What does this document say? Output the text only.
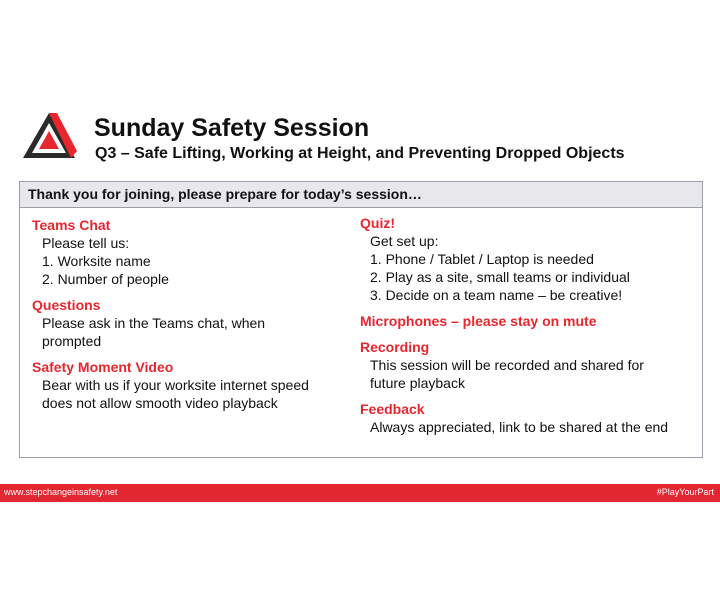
Sunday Safety Session
Q3 – Safe Lifting, Working at Height, and Preventing Dropped Objects
Thank you for joining, please prepare for today’s session…
Teams Chat
Please tell us:
1. Worksite name
2. Number of people
Questions
Please ask in the Teams chat, when
prompted
Safety Moment Video
Bear with us if your worksite internet speed
does not allow smooth video playback
Quiz!
Get set up:
1. Phone / Tablet / Laptop is needed
2. Play as a site, small teams or individual
3. Decide on a team name – be creative!
Microphones – please stay on mute
Recording
This session will be recorded and shared for
future playback
Feedback
Always appreciated, link to be shared at the end
www.stepchangeinsafety.net	#PlayYourPart
